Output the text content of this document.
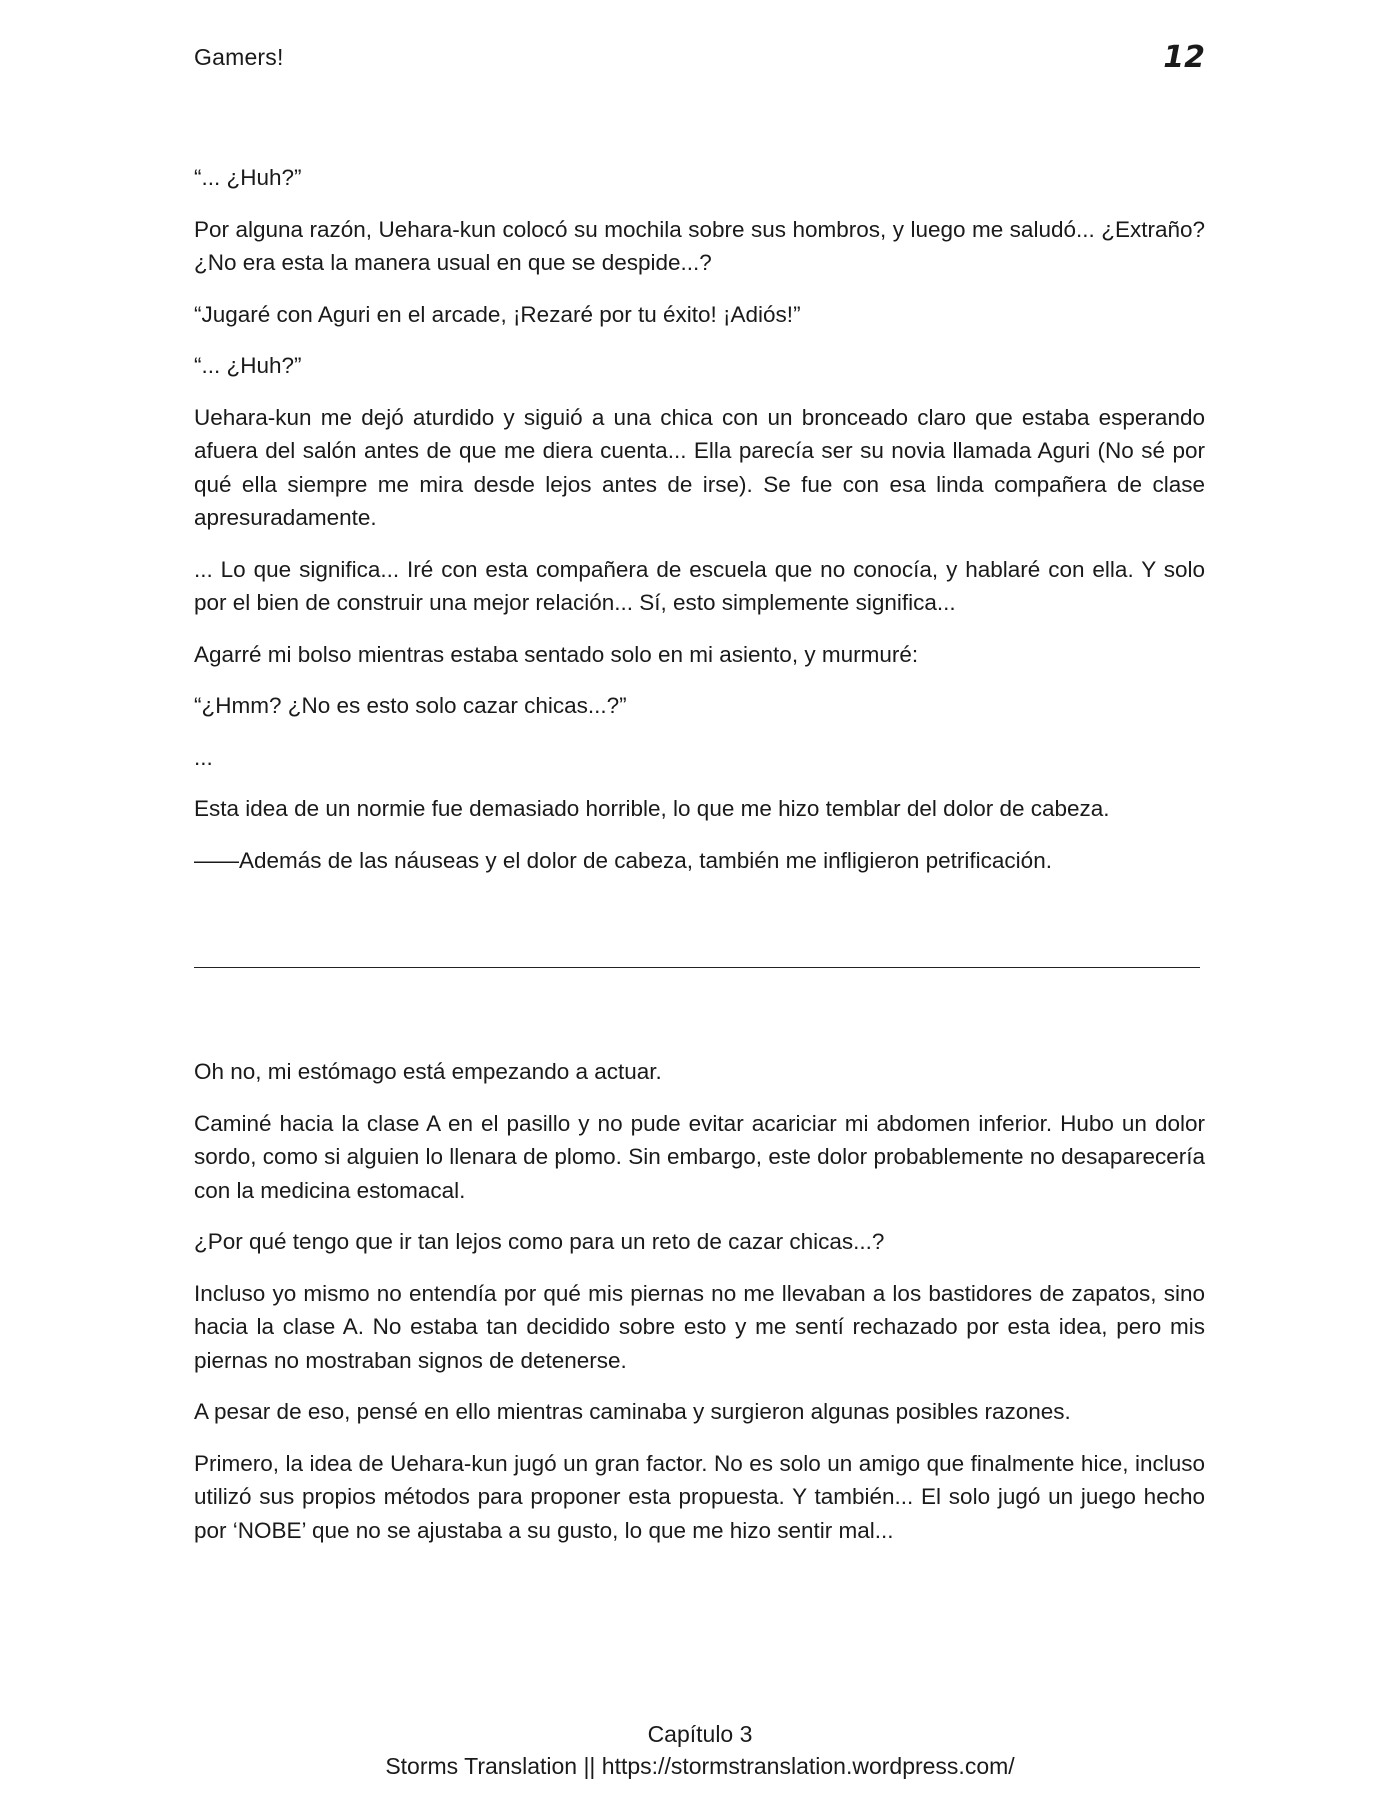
Gamers!	12

“... ¿Huh?”

Por alguna razón, Uehara-kun colocó su mochila sobre sus hombros, y luego me saludó... ¿Extraño? ¿No era esta la manera usual en que se despide...?

“Jugaré con Aguri en el arcade, ¡Rezaré por tu éxito! ¡Adiós!”

“... ¿Huh?”

Uehara-kun me dejó aturdido y siguió a una chica con un bronceado claro que estaba esperando afuera del salón antes de que me diera cuenta... Ella parecía ser su novia llamada Aguri (No sé por qué ella siempre me mira desde lejos antes de irse). Se fue con esa linda compañera de clase apresuradamente.

... Lo que significa... Iré con esta compañera de escuela que no conocía, y hablaré con ella. Y solo por el bien de construir una mejor relación... Sí, esto simplemente significa...

Agarré mi bolso mientras estaba sentado solo en mi asiento, y murmuré:

“¿Hmm? ¿No es esto solo cazar chicas...?”

...

Esta idea de un normie fue demasiado horrible, lo que me hizo temblar del dolor de cabeza.

——Además de las náuseas y el dolor de cabeza, también me infligieron petrificación.

Oh no, mi estómago está empezando a actuar.

Caminé hacia la clase A en el pasillo y no pude evitar acariciar mi abdomen inferior. Hubo un dolor sordo, como si alguien lo llenara de plomo. Sin embargo, este dolor probablemente no desaparecería con la medicina estomacal.

¿Por qué tengo que ir tan lejos como para un reto de cazar chicas...?

Incluso yo mismo no entendía por qué mis piernas no me llevaban a los bastidores de zapatos, sino hacia la clase A. No estaba tan decidido sobre esto y me sentí rechazado por esta idea, pero mis piernas no mostraban signos de detenerse.

A pesar de eso, pensé en ello mientras caminaba y surgieron algunas posibles razones.

Primero, la idea de Uehara-kun jugó un gran factor. No es solo un amigo que finalmente hice, incluso utilizó sus propios métodos para proponer esta propuesta. Y también... El solo jugó un juego hecho por ‘NOBE’ que no se ajustaba a su gusto, lo que me hizo sentir mal...

Capítulo 3
Storms Translation || https://stormstranslation.wordpress.com/
